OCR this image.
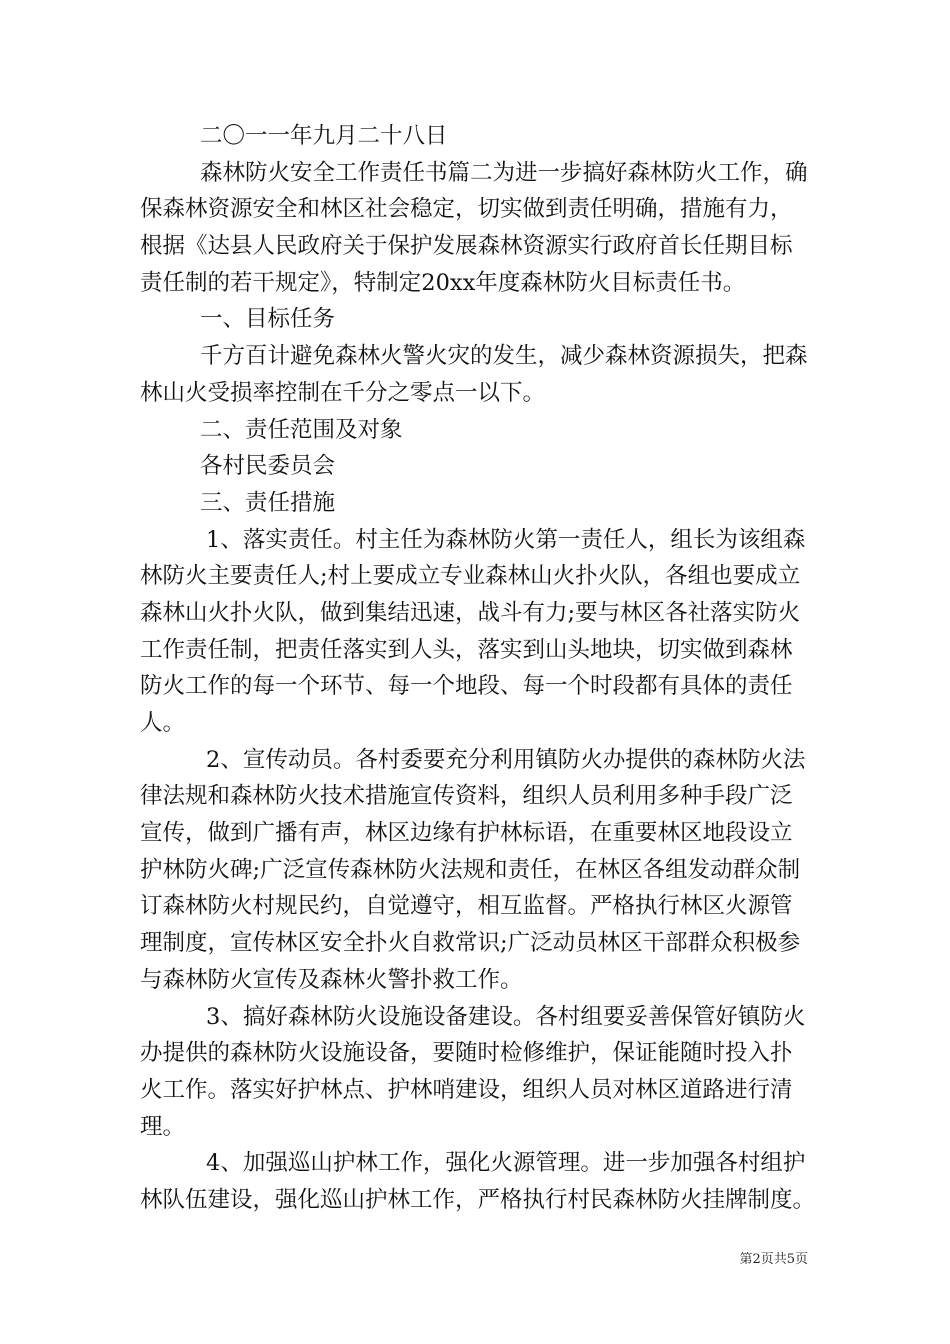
二〇一一年九月二十八日
森林防火安全工作责任书篇二为进一步搞好森林防火工作，确
保森林资源安全和林区社会稳定，切实做到责任明确，措施有力，
根据《达县人民政府关于保护发展森林资源实行政府首长任期目标
责任制的若干规定》，特制定20xx年度森林防火目标责任书。
一、目标任务
千方百计避免森林火警火灾的发生，减少森林资源损失，把森
林山火受损率控制在千分之零点一以下。
二、责任范围及对象
各村民委员会
三、责任措施
1、落实责任。村主任为森林防火第一责任人，组长为该组森
林防火主要责任人;村上要成立专业森林山火扑火队，各组也要成立
森林山火扑火队，做到集结迅速，战斗有力;要与林区各社落实防火
工作责任制，把责任落实到人头，落实到山头地块，切实做到森林
防火工作的每一个环节、每一个地段、每一个时段都有具体的责任
人。
2、宣传动员。各村委要充分利用镇防火办提供的森林防火法
律法规和森林防火技术措施宣传资料，组织人员利用多种手段广泛
宣传，做到广播有声，林区边缘有护林标语，在重要林区地段设立
护林防火碑;广泛宣传森林防火法规和责任，在林区各组发动群众制
订森林防火村规民约，自觉遵守，相互监督。严格执行林区火源管
理制度，宣传林区安全扑火自救常识;广泛动员林区干部群众积极参
与森林防火宣传及森林火警扑救工作。
3、搞好森林防火设施设备建设。各村组要妥善保管好镇防火
办提供的森林防火设施设备，要随时检修维护，保证能随时投入扑
火工作。落实好护林点、护林哨建设，组织人员对林区道路进行清
理。
4、加强巡山护林工作，强化火源管理。进一步加强各村组护
林队伍建设，强化巡山护林工作，严格执行村民森林防火挂牌制度。
第2页共5页
